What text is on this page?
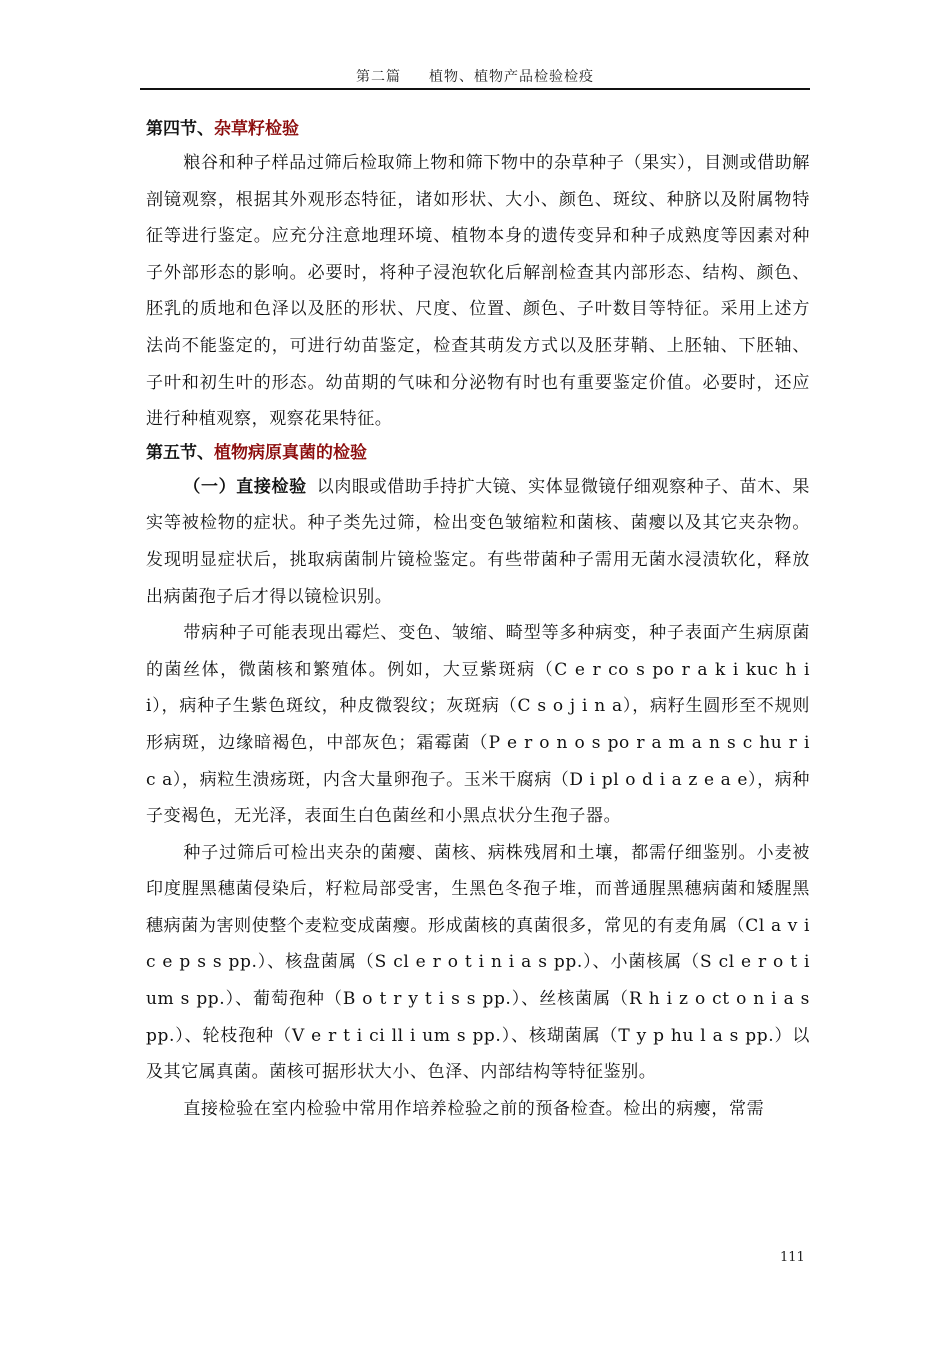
第二篇 植物、植物产品检验检疫
第四节、杂草籽检验

粮谷和种子样品过筛后检取筛上物和筛下物中的杂草种子（果实），目测或借助解剖镜观察，根据其外观形态特征，诸如形状、大小、颜色、斑纹、种脐以及附属物特征等进行鉴定。应充分注意地理环境、植物本身的遗传变异和种子成熟度等因素对种子外部形态的影响。必要时，将种子浸泡软化后解剖检查其内部形态、结构、颜色、胚乳的质地和色泽以及胚的形状、尺度、位置、颜色、子叶数目等特征。采用上述方法尚不能鉴定的，可进行幼苗鉴定，检查其萌发方式以及胚芽鞘、上胚轴、下胚轴、子叶和初生叶的形态。幼苗期的气味和分泌物有时也有重要鉴定价值。必要时，还应进行种植观察，观察花果特征。

第五节、植物病原真菌的检验

（一）直接检验 以肉眼或借助手持扩大镜、实体显微镜仔细观察种子、苗木、果实等被检物的症状。种子类先过筛，检出变色皱缩粒和菌核、菌瘿以及其它夹杂物。发现明显症状后，挑取病菌制片镜检鉴定。有些带菌种子需用无菌水浸渍软化，释放出病菌孢子后才得以镜检识别。

带病种子可能表现出霉烂、变色、皱缩、畸型等多种病变，种子表面产生病原菌的菌丝体，微菌核和繁殖体。例如，大豆紫斑病（C e r co s po r a k i kuc h i i），病种子生紫色斑纹，种皮微裂纹；灰斑病（C s o j i n a），病籽生圆形至不规则形病斑，边缘暗褐色，中部灰色；霜霉菌（P e r o n o s po r a m a n s c hu r i c a），病粒生溃疡斑，内含大量卵孢子。玉米干腐病（D i pl o d i a z e a e），病种子变褐色，无光泽，表面生白色菌丝和小黑点状分生孢子器。

种子过筛后可检出夹杂的菌瘿、菌核、病株残屑和土壤，都需仔细鉴别。小麦被印度腥黑穗菌侵染后，籽粒局部受害，生黑色冬孢子堆，而普通腥黑穗病菌和矮腥黑穗病菌为害则使整个麦粒变成菌瘿。形成菌核的真菌很多，常见的有麦角属（Cl a v i c e p s s pp.）、核盘菌属（S cl e r o t i n i a s pp.）、小菌核属（S cl e r o t i um s pp.）、葡萄孢种（B o t r y t i s s pp.）、丝核菌属（R h i z o ct o n i a s pp.）、轮枝孢种（V e r t i ci ll i um s pp.）、核瑚菌属（T y p hu l a s pp.）以及其它属真菌。菌核可据形状大小、色泽、内部结构等特征鉴别。

直接检验在室内检验中常用作培养检验之前的预备检查。检出的病瘿，常需

111
